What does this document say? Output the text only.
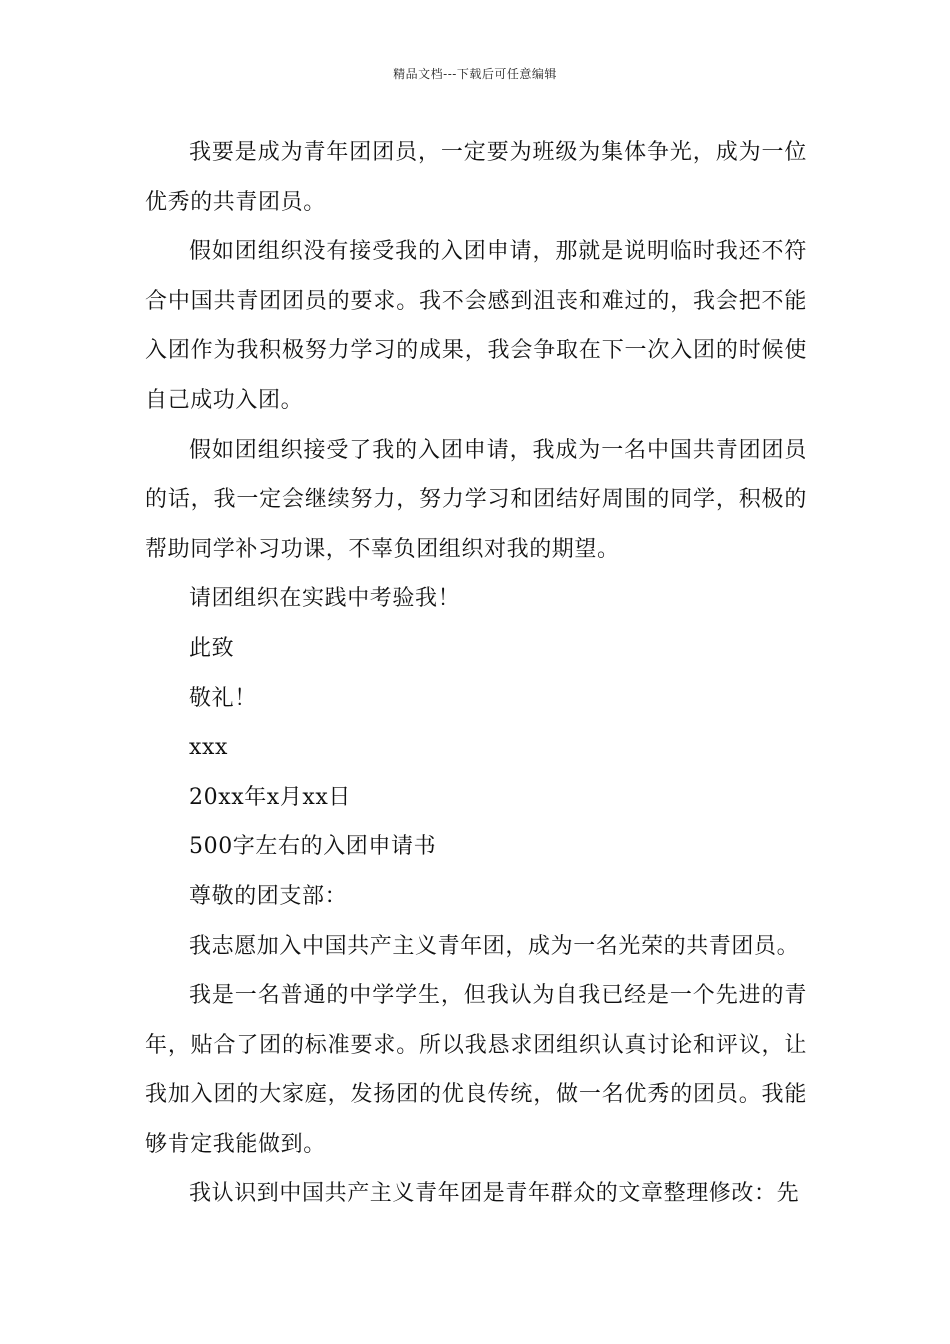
精品文档---下载后可任意编辑

我要是成为青年团团员，一定要为班级为集体争光，成为一位优秀的共青团员。

假如团组织没有接受我的入团申请，那就是说明临时我还不符合中国共青团团员的要求。我不会感到沮丧和难过的，我会把不能入团作为我积极努力学习的成果，我会争取在下一次入团的时候使自己成功入团。

假如团组织接受了我的入团申请，我成为一名中国共青团团员的话，我一定会继续努力，努力学习和团结好周围的同学，积极的帮助同学补习功课，不辜负团组织对我的期望。

请团组织在实践中考验我！

此致

敬礼！

xxx

20xx年x月xx日

500字左右的入团申请书

尊敬的团支部：

我志愿加入中国共产主义青年团，成为一名光荣的共青团员。

我是一名普通的中学学生，但我认为自我已经是一个先进的青年，贴合了团的标准要求。所以我恳求团组织认真讨论和评议，让我加入团的大家庭，发扬团的优良传统，做一名优秀的团员。我能够肯定我能做到。

我认识到中国共产主义青年团是青年群众的文章整理修改：先
